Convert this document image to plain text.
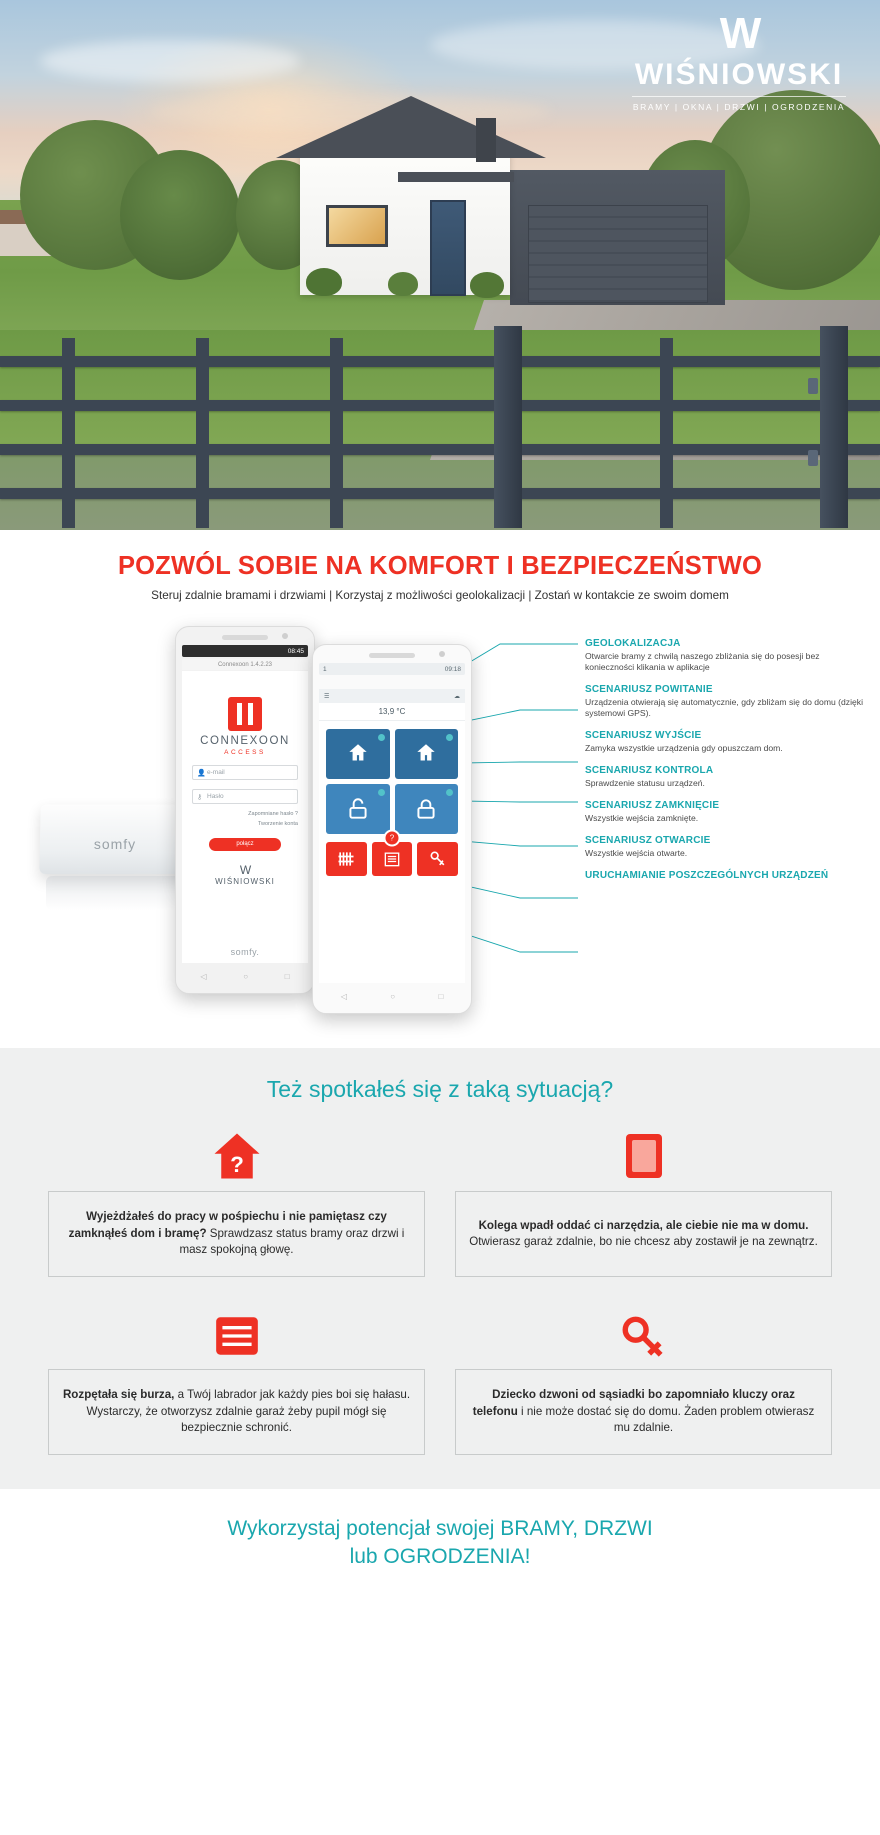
W
WIŚNIOWSKI
BRAMY | OKNA | DRZWI | OGRODZENIA
POZWÓL SOBIE NA KOMFORT I BEZPIECZEŃSTWO

Steruj zdalnie bramami i drzwiami | Korzystaj z możliwości geolokalizacji | Zostań w kontakcie ze swoim domem

somfy
08:45
Connexoon 1.4.2.23
CONNEXOON
ACCESS
👤 e-mail
⚷ Hasło
Zapomniane hasło ?
Tworzenie konta
połącz
W
WIŚNIOWSKI
somfy.
◁	○	□
1	09:18
☰	☁
13,9 °C
?
◁	○	□
GEOLOKALIZACJA
Otwarcie bramy z chwilą naszego zbliżania się do posesji bez konieczności klikania w aplikacje
SCENARIUSZ POWITANIE
Urządzenia otwierają się automatycznie, gdy zbliżam się do domu (dzięki systemowi GPS).
SCENARIUSZ WYJŚCIE
Zamyka wszystkie urządzenia gdy opuszczam dom.
SCENARIUSZ KONTROLA
Sprawdzenie statusu urządzeń.
SCENARIUSZ ZAMKNIĘCIE
Wszystkie wejścia zamknięte.
SCENARIUSZ OTWARCIE
Wszystkie wejścia otwarte.
URUCHAMIANIE POSZCZEGÓLNYCH URZĄDZEŃ
Też spotkałeś się z taką sytuacją?
?
Wyjeżdżałeś do pracy w pośpiechu i nie pamiętasz czy zamknąłeś dom i bramę? Sprawdzasz status bramy oraz drzwi i masz spokojną głowę.
Kolega wpadł oddać ci narzędzia, ale ciebie nie ma w domu. Otwierasz garaż zdalnie, bo nie chcesz aby zostawił je na zewnątrz.
Rozpętała się burza, a Twój labrador jak każdy pies boi się hałasu. Wystarczy, że otworzysz zdalnie garaż żeby pupil mógł się bezpiecznie schronić.
Dziecko dzwoni od sąsiadki bo zapomniało kluczy oraz telefonu i nie może dostać się do domu. Żaden problem otwierasz mu zdalnie.
Wykorzystaj potencjał swojej BRAMY, DRZWI
lub OGRODZENIA!
